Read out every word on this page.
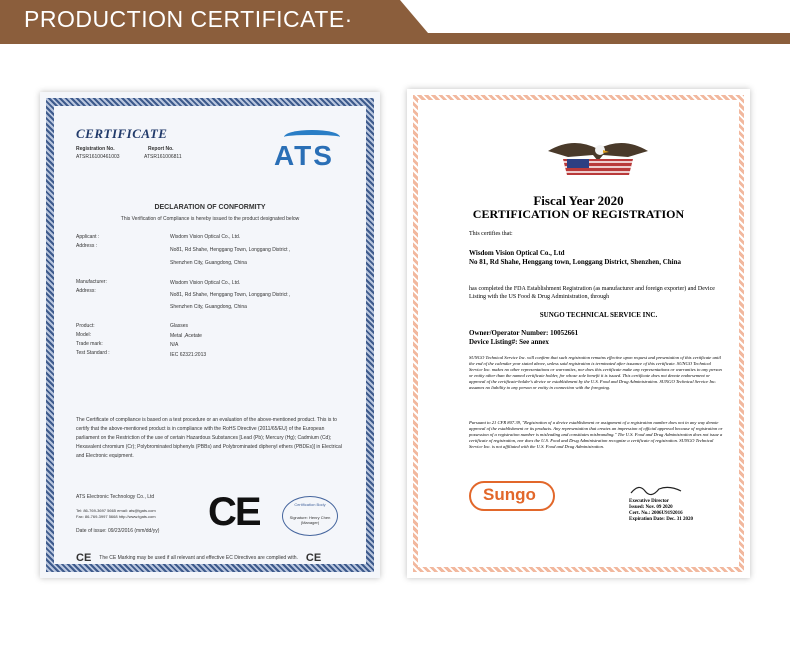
PRODUCTION CERTIFICATE·
CERTIFICATE
Registration No.
ATSR16100461003
Report No.
ATSR161006811	ATS
DECLARATION OF CONFORMITY
This Verification of Compliance is hereby issued to the product designated below
Applicant :	Wisdom Vision Optical Co., Ltd.
Address :
No81, Rd Shahe, Henggang Town, Longgang District ,
Shenzhen City, Guangdong, China
Manufacturer:	Wisdom Vision Optical Co., Ltd.
Address:
No81, Rd Shahe, Henggang Town, Longgang District ,
Shenzhen City, Guangdong, China
Product:	Glasses
Model:	Metal ,Acetate
Trade mark:	N/A
Test Standard :	IEC 62321:2013
The Certificate of compliance is based on a test procedure or an evaluation of the above-mentioned product. This is to certify that the above-mentioned product is in compliance with the RoHS Directive (2011/65/EU) of the European parliament on the Restriction of the use of certain Hazardous Substances [Lead (Pb); Mercury (Hg); Cadmium (Cd); Hexavalent chromium (Cr); Polybrominated biphenyls (PBBs) and Polybrominated diphenyl ethers (PBDEs)] in Electrical and Electronic equipment.
ATS Electronic Technology Co., Ltd
Tel: 86-769-3697 5665 email: ats@tgats.com
Fax: 86-769-3997 5668 http://www.tgats.com
Date of issue: 09/23/2016 (mm/dd/yy) CE	Certification Body
Signature: Henry Chen (Manager)
CE The CE Marking may be used if all relevant and effective EC Directives are complied with. CE
Fiscal Year 2020
CERTIFICATION OF REGISTRATION
This certifies that:
Wisdom Vision Optical Co., Ltd
No 81, Rd Shahe, Henggang town, Longgang District, Shenzhen, China
has completed the FDA Establishment Registration (as manufacturer and foreign exporter) and Device Listing with the US Food & Drug Administration, through
SUNGO TECHNICAL SERVICE INC.
Owner/Operator Number: 10052661
Device Listing#: See annex
SUNGO Technical Service Inc. will confirm that such registration remains effective upon request and presentation of this certificate until the end of the calendar year stated above, unless said registration is terminated after issuance of this certificate. SUNGO Technical Service Inc. makes no other representations or warranties, nor does this certificate make any representations or warranties to any person or entity other than the named certificate holder, for whose sole benefit it is issued. This certificate does not denote endorsement or approval of the certificate-holder's device or establishment by the U.S. Food and Drug Administration. SUNGO Technical Service Inc. assumes no liability to any person or entity in connection with the foregoing.
Pursuant to 21 CFR 807.39, "Registration of a device establishment or assignment of a registration number does not in any way denote approval of the establishment or its products. Any representation that creates an impression of official approval because of registration or possession of a registration number is misleading and constitutes misbranding." The U.S. Food and Drug Administration does not issue a certificate of registration, nor does the U.S. Food and Drug Administration recognize a certificate of registration. SUNGO Technical Service Inc. is not affiliated with the U.S. Food and Drug Administration.
Sungo	Executive Director
Issued: Nov. 09 2020
Cert. No.: 2006U9192016
Expiration Date: Dec. 31 2020
